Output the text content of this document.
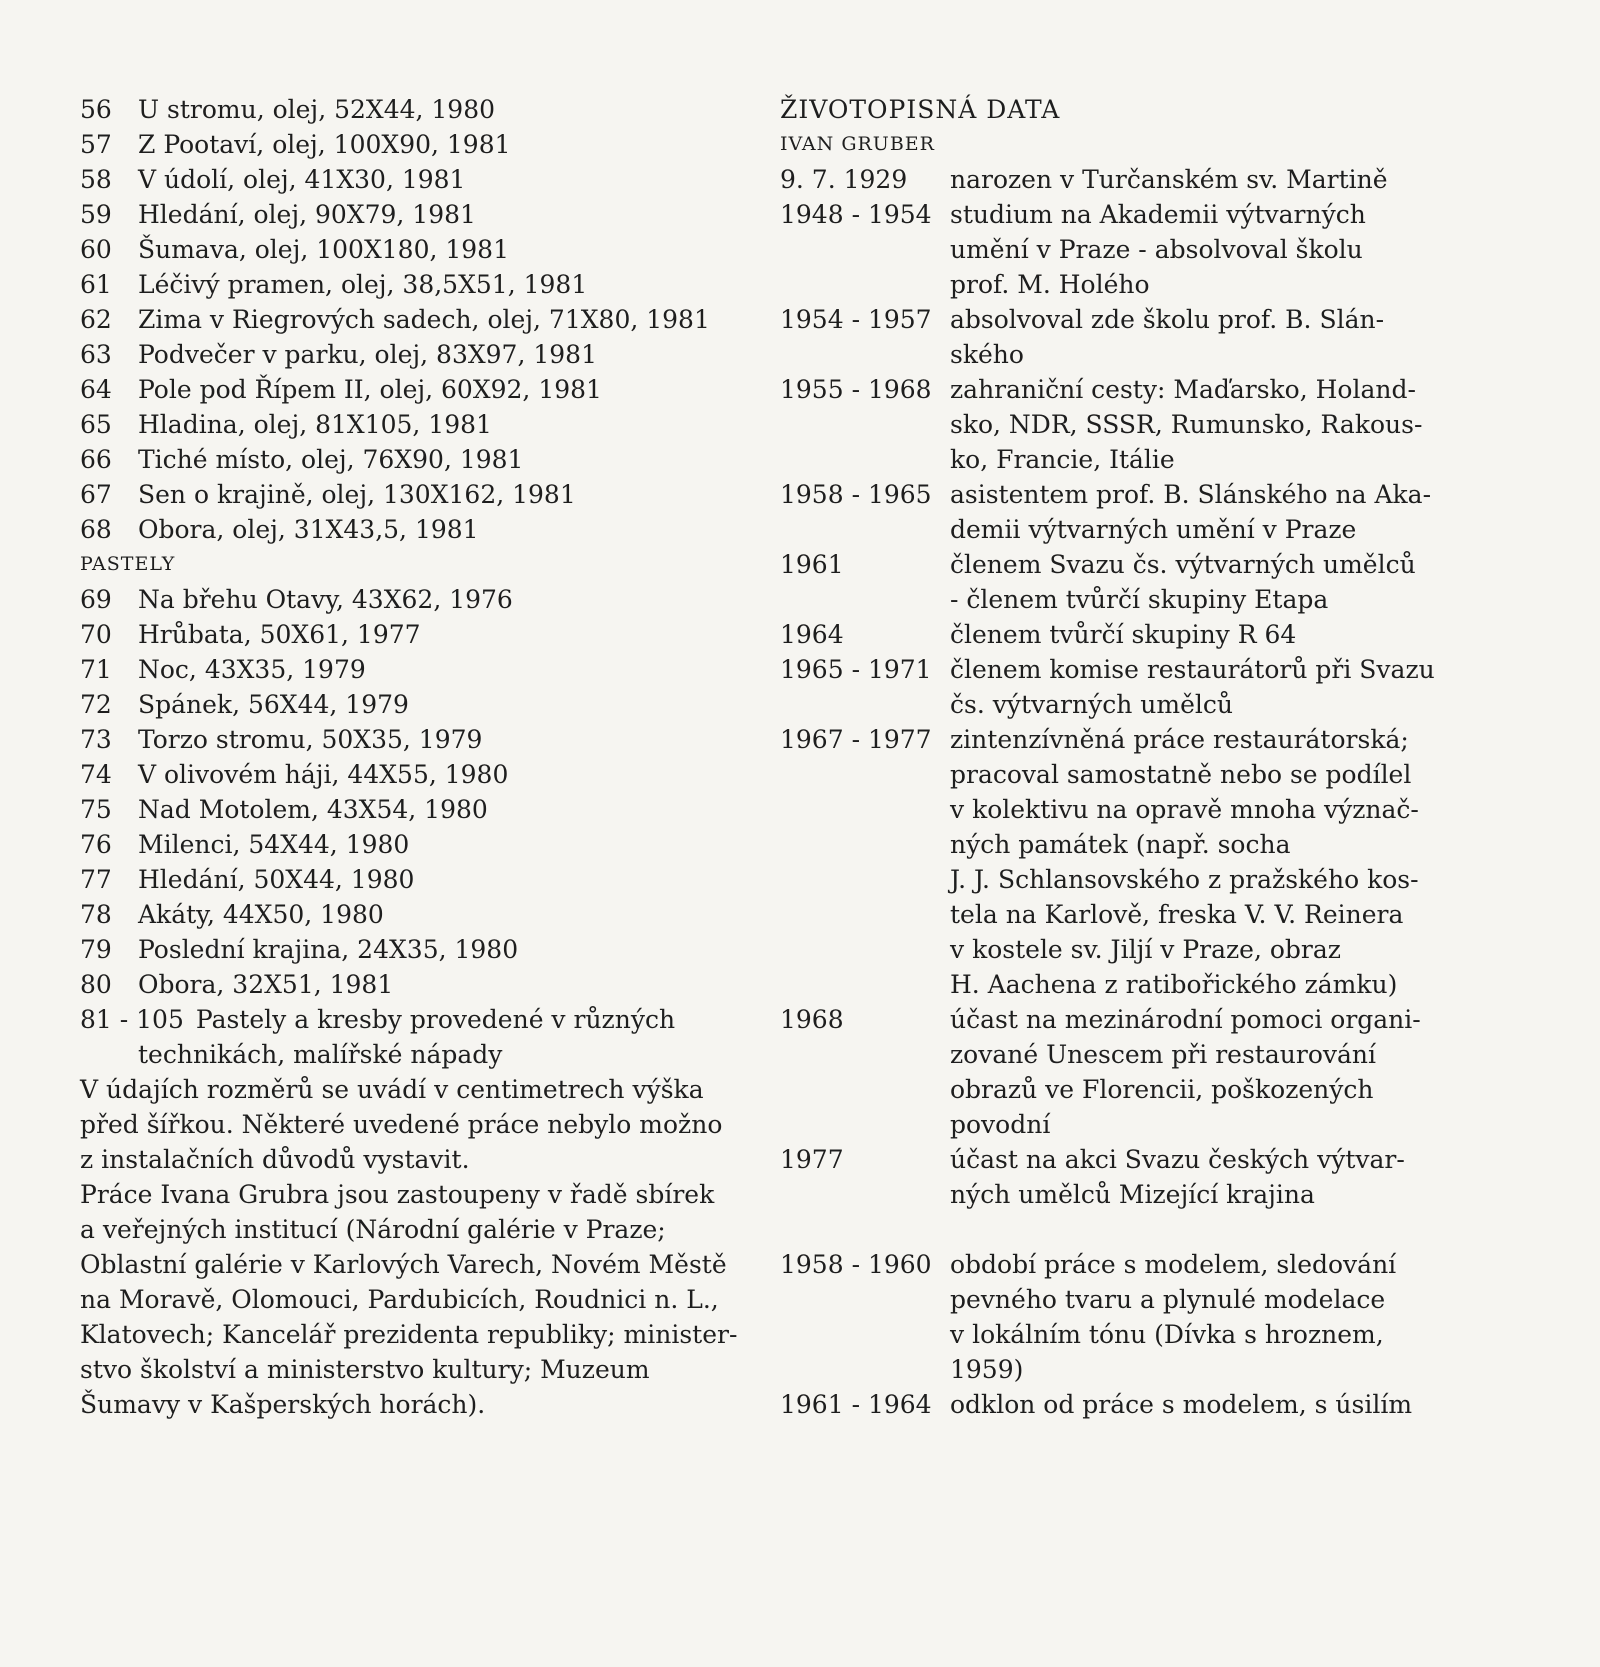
56	U stromu, olej, 52X44, 1980
57	Z Pootaví, olej, 100X90, 1981
58	V údolí, olej, 41X30, 1981
59	Hledání, olej, 90X79, 1981
60	Šumava, olej, 100X180, 1981
61	Léčivý pramen, olej, 38,5X51, 1981
62	Zima v Riegrových sadech, olej, 71X80, 1981
63	Podvečer v parku, olej, 83X97, 1981
64	Pole pod Řípem II, olej, 60X92, 1981
65	Hladina, olej, 81X105, 1981
66	Tiché místo, olej, 76X90, 1981
67	Sen o krajině, olej, 130X162, 1981
68	Obora, olej, 31X43,5, 1981
PASTELY
69	Na břehu Otavy, 43X62, 1976
70	Hrůbata, 50X61, 1977
71	Noc, 43X35, 1979
72	Spánek, 56X44, 1979
73	Torzo stromu, 50X35, 1979
74	V olivovém háji, 44X55, 1980
75	Nad Motolem, 43X54, 1980
76	Milenci, 54X44, 1980
77	Hledání, 50X44, 1980
78	Akáty, 44X50, 1980
79	Poslední krajina, 24X35, 1980
80	Obora, 32X51, 1981
81 - 105 Pastely a kresby provedené v různých
technikách, malířské nápady
V údajích rozměrů se uvádí v centimetrech výška
před šířkou. Některé uvedené práce nebylo možno
z instalačních důvodů vystavit.
Práce Ivana Grubra jsou zastoupeny v řadě sbírek
a veřejných institucí (Národní galérie v Praze;
Oblastní galérie v Karlových Varech, Novém Městě
na Moravě, Olomouci, Pardubicích, Roudnici n. L.,
Klatovech; Kancelář prezidenta republiky; minister-
stvo školství a ministerstvo kultury; Muzeum
Šumavy v Kašperských horách).
ŽIVOTOPISNÁ DATA
IVAN GRUBER
9. 7. 1929	narozen v Turčanském sv. Martině
1948 - 1954 studium na Akademii výtvarných
umění v Praze - absolvoval školu
prof. M. Holého
1954 - 1957 absolvoval zde školu prof. B. Slán-
ského
1955 - 1968 zahraniční cesty: Maďarsko, Holand-
sko, NDR, SSSR, Rumunsko, Rakous-
ko, Francie, Itálie
1958 - 1965 asistentem prof. B. Slánského na Aka-
demii výtvarných umění v Praze
1961	členem Svazu čs. výtvarných umělců
- členem tvůrčí skupiny Etapa
1964	členem tvůrčí skupiny R 64
1965 - 1971 členem komise restaurátorů při Svazu
čs. výtvarných umělců
1967 - 1977 zintenzívněná práce restaurátorská;
pracoval samostatně nebo se podílel
v kolektivu na opravě mnoha význač-
ných památek (např. socha
J. J. Schlansovského z pražského kos-
tela na Karlově, freska V. V. Reinera
v kostele sv. Jiljí v Praze, obraz
H. Aachena z ratibořického zámku)
1968	účast na mezinárodní pomoci organi-
zované Unescem při restaurování
obrazů ve Florencii, poškozených
povodní
1977	účast na akci Svazu českých výtvar-
ných umělců Mizející krajina
1958 - 1960 období práce s modelem, sledování
pevného tvaru a plynulé modelace
v lokálním tónu (Dívka s hroznem,
1959)
1961 - 1964 odklon od práce s modelem, s úsilím
